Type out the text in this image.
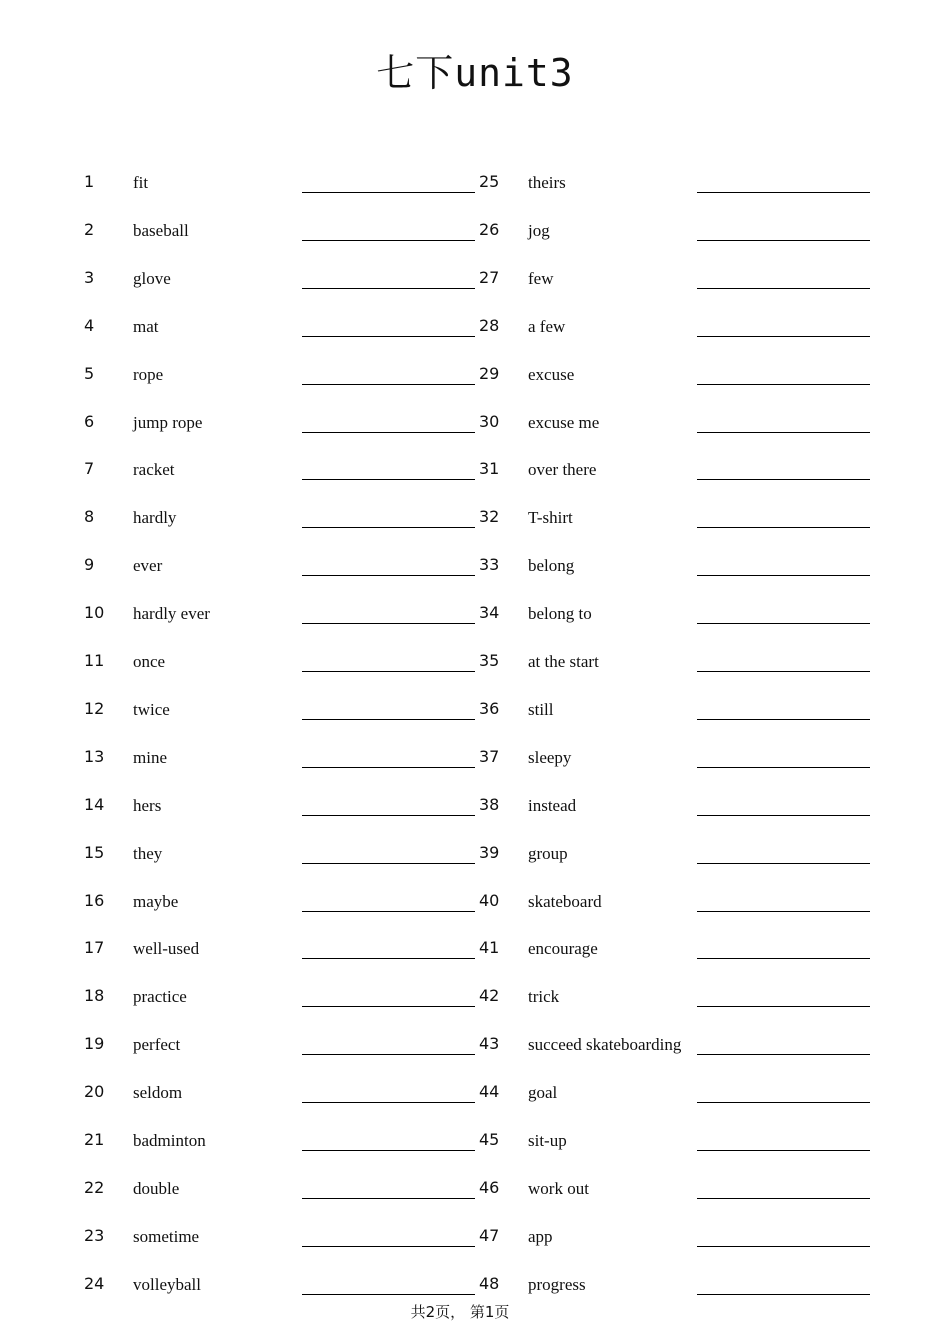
七下unit3
1 fit
2 baseball
3 glove
4 mat
5 rope
6 jump rope
7 racket
8 hardly
9 ever
10 hardly ever
11 once
12 twice
13 mine
14 hers
15 they
16 maybe
17 well-used
18 practice
19 perfect
20 seldom
21 badminton
22 double
23 sometime
24 volleyball
25 theirs
26 jog
27 few
28 a few
29 excuse
30 excuse me
31 over there
32 T-shirt
33 belong
34 belong to
35 at the start
36 still
37 sleepy
38 instead
39 group
40 skateboard
41 encourage
42 trick
43 succeed skateboarding
44 goal
45 sit-up
46 work out
47 app
48 progress
共2页， 第1页
